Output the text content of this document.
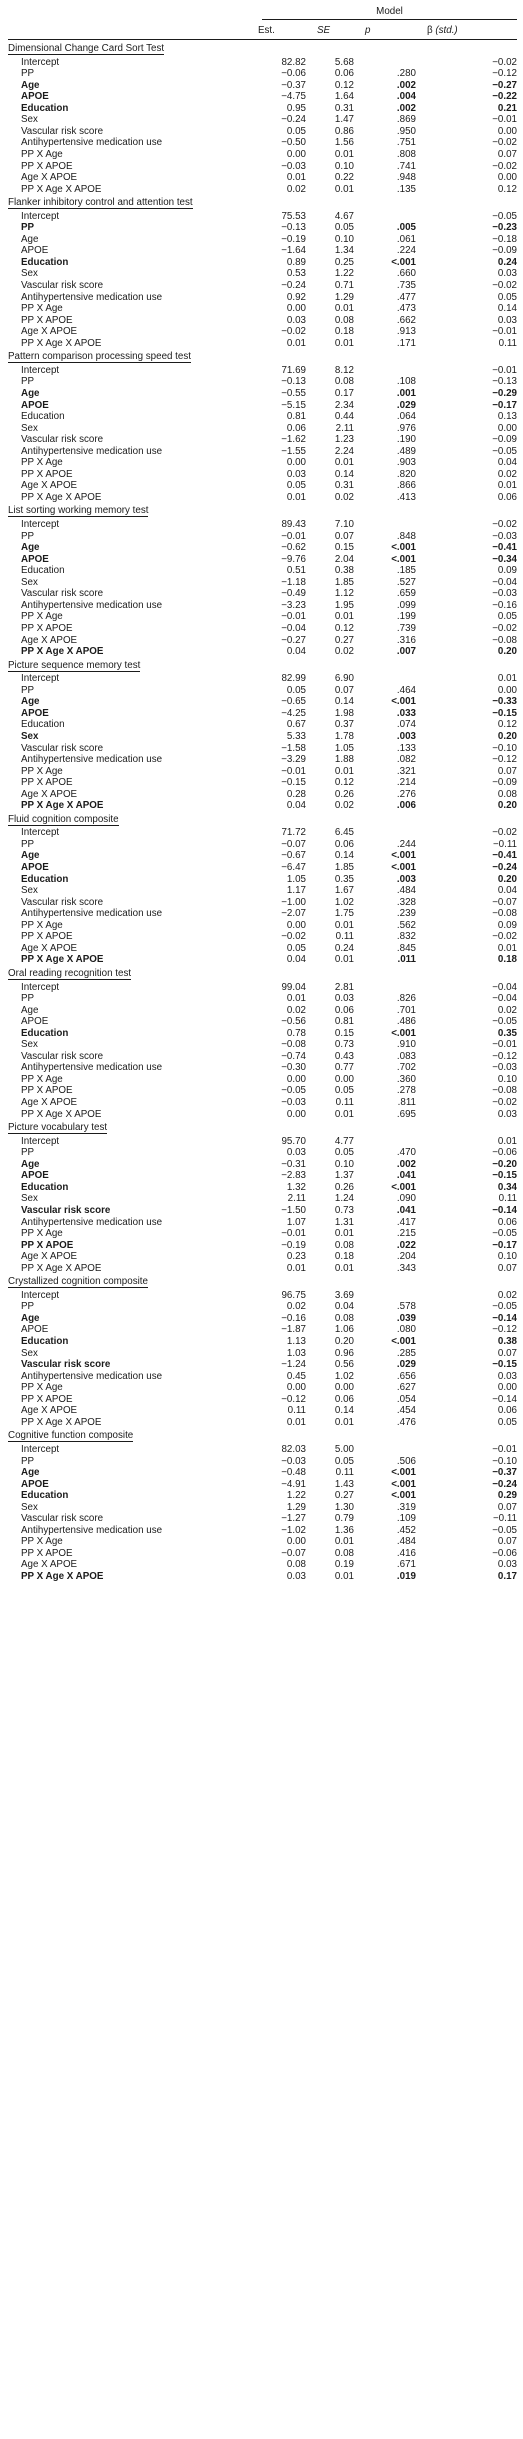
	Model			

	Est.	SE	p	β (std.)
Dimensional Change Card Sort Test				
Intercept	82.82	5.68		−0.02
PP	−0.06	0.06	.280	−0.12
Age	−0.37	0.12	.002	−0.27
APOE	−4.75	1.64	.004	−0.22
Education	0.95	0.31	.002	0.21
Sex	−0.24	1.47	.869	−0.01
Vascular risk score	0.05	0.86	.950	0.00
Antihypertensive medication use	−0.50	1.56	.751	−0.02
PP X Age	0.00	0.01	.808	0.07
PP X APOE	−0.03	0.10	.741	−0.02
Age X APOE	0.01	0.22	.948	0.00
PP X Age X APOE	0.02	0.01	.135	0.12
Flanker inhibitory control and attention test				
Intercept	75.53	4.67		−0.05
PP	−0.13	0.05	.005	−0.23
Age	−0.19	0.10	.061	−0.18
APOE	−1.64	1.34	.224	−0.09
Education	0.89	0.25	<.001	0.24
Sex	0.53	1.22	.660	0.03
Vascular risk score	−0.24	0.71	.735	−0.02
Antihypertensive medication use	0.92	1.29	.477	0.05
PP X Age	0.00	0.01	.473	0.14
PP X APOE	0.03	0.08	.662	0.03
Age X APOE	−0.02	0.18	.913	−0.01
PP X Age X APOE	0.01	0.01	.171	0.11
Pattern comparison processing speed test				
Intercept	71.69	8.12		−0.01
PP	−0.13	0.08	.108	−0.13
Age	−0.55	0.17	.001	−0.29
APOE	−5.15	2.34	.029	−0.17
Education	0.81	0.44	.064	0.13
Sex	0.06	2.11	.976	0.00
Vascular risk score	−1.62	1.23	.190	−0.09
Antihypertensive medication use	−1.55	2.24	.489	−0.05
PP X Age	0.00	0.01	.903	0.04
PP X APOE	0.03	0.14	.820	0.02
Age X APOE	0.05	0.31	.866	0.01
PP X Age X APOE	0.01	0.02	.413	0.06
List sorting working memory test				
Intercept	89.43	7.10		−0.02
PP	−0.01	0.07	.848	−0.03
Age	−0.62	0.15	<.001	−0.41
APOE	−9.76	2.04	<.001	−0.34
Education	0.51	0.38	.185	0.09
Sex	−1.18	1.85	.527	−0.04
Vascular risk score	−0.49	1.12	.659	−0.03
Antihypertensive medication use	−3.23	1.95	.099	−0.16
PP X Age	−0.01	0.01	.199	0.05
PP X APOE	−0.04	0.12	.739	−0.02
Age X APOE	−0.27	0.27	.316	−0.08
PP X Age X APOE	0.04	0.02	.007	0.20
Picture sequence memory test				
Intercept	82.99	6.90		0.01
PP	0.05	0.07	.464	0.00
Age	−0.65	0.14	<.001	−0.33
APOE	−4.25	1.98	.033	−0.15
Education	0.67	0.37	.074	0.12
Sex	5.33	1.78	.003	0.20
Vascular risk score	−1.58	1.05	.133	−0.10
Antihypertensive medication use	−3.29	1.88	.082	−0.12
PP X Age	−0.01	0.01	.321	0.07
PP X APOE	−0.15	0.12	.214	−0.09
Age X APOE	0.28	0.26	.276	0.08
PP X Age X APOE	0.04	0.02	.006	0.20
Fluid cognition composite				
Intercept	71.72	6.45		−0.02
PP	−0.07	0.06	.244	−0.11
Age	−0.67	0.14	<.001	−0.41
APOE	−6.47	1.85	<.001	−0.24
Education	1.05	0.35	.003	0.20
Sex	1.17	1.67	.484	0.04
Vascular risk score	−1.00	1.02	.328	−0.07
Antihypertensive medication use	−2.07	1.75	.239	−0.08
PP X Age	0.00	0.01	.562	0.09
PP X APOE	−0.02	0.11	.832	−0.02
Age X APOE	0.05	0.24	.845	0.01
PP X Age X APOE	0.04	0.01	.011	0.18
Oral reading recognition test				
Intercept	99.04	2.81		−0.04
PP	0.01	0.03	.826	−0.04
Age	0.02	0.06	.701	0.02
APOE	−0.56	0.81	.486	−0.05
Education	0.78	0.15	<.001	0.35
Sex	−0.08	0.73	.910	−0.01
Vascular risk score	−0.74	0.43	.083	−0.12
Antihypertensive medication use	−0.30	0.77	.702	−0.03
PP X Age	0.00	0.00	.360	0.10
PP X APOE	−0.05	0.05	.278	−0.08
Age X APOE	−0.03	0.11	.811	−0.02
PP X Age X APOE	0.00	0.01	.695	0.03
Picture vocabulary test				
Intercept	95.70	4.77		0.01
PP	0.03	0.05	.470	−0.06
Age	−0.31	0.10	.002	−0.20
APOE	−2.83	1.37	.041	−0.15
Education	1.32	0.26	<.001	0.34
Sex	2.11	1.24	.090	0.11
Vascular risk score	−1.50	0.73	.041	−0.14
Antihypertensive medication use	1.07	1.31	.417	0.06
PP X Age	−0.01	0.01	.215	−0.05
PP X APOE	−0.19	0.08	.022	−0.17
Age X APOE	0.23	0.18	.204	0.10
PP X Age X APOE	0.01	0.01	.343	0.07
Crystallized cognition composite				
Intercept	96.75	3.69		0.02
PP	0.02	0.04	.578	−0.05
Age	−0.16	0.08	.039	−0.14
APOE	−1.87	1.06	.080	−0.12
Education	1.13	0.20	<.001	0.38
Sex	1.03	0.96	.285	0.07
Vascular risk score	−1.24	0.56	.029	−0.15
Antihypertensive medication use	0.45	1.02	.656	0.03
PP X Age	0.00	0.00	.627	0.00
PP X APOE	−0.12	0.06	.054	−0.14
Age X APOE	0.11	0.14	.454	0.06
PP X Age X APOE	0.01	0.01	.476	0.05
Cognitive function composite				
Intercept	82.03	5.00		−0.01
PP	−0.03	0.05	.506	−0.10
Age	−0.48	0.11	<.001	−0.37
APOE	−4.91	1.43	<.001	−0.24
Education	1.22	0.27	<.001	0.29
Sex	1.29	1.30	.319	0.07
Vascular risk score	−1.27	0.79	.109	−0.11
Antihypertensive medication use	−1.02	1.36	.452	−0.05
PP X Age	0.00	0.01	.484	0.07
PP X APOE	−0.07	0.08	.416	−0.06
Age X APOE	0.08	0.19	.671	0.03
PP X Age X APOE	0.03	0.01	.019	0.17
